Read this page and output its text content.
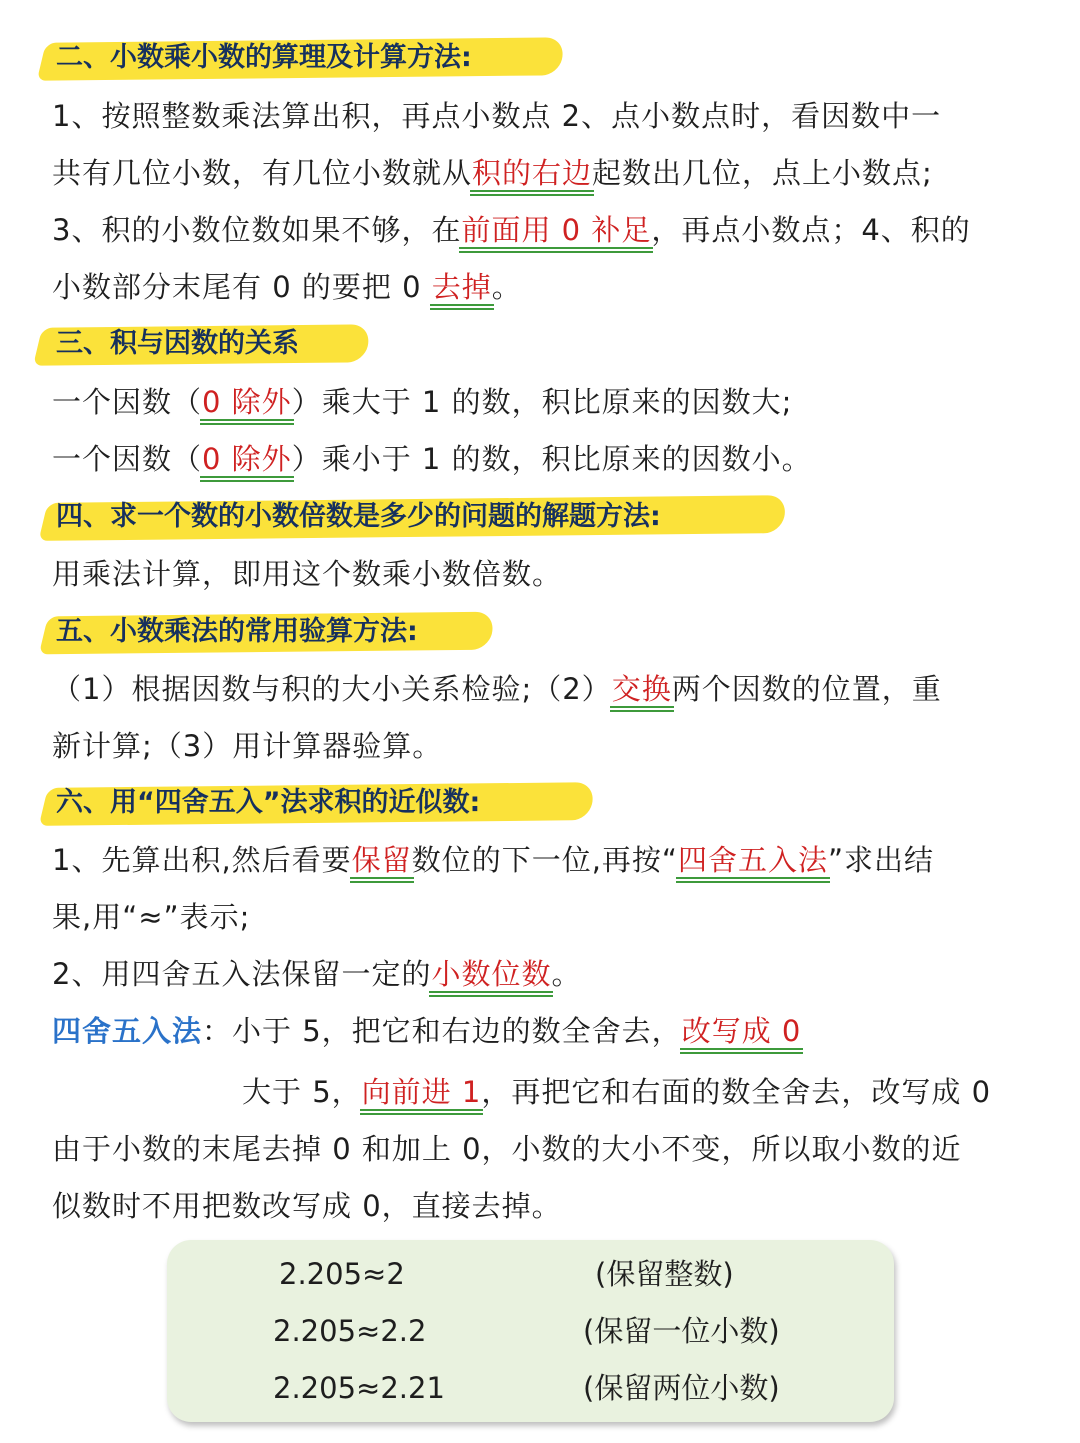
二、小数乘小数的算理及计算方法:
1、按照整数乘法算出积，再点小数点 2、点小数点时，看因数中一
共有几位小数，有几位小数就从积的右边起数出几位，点上小数点;
3、积的小数位数如果不够，在前面用 0 补足，再点小数点；4、积的
小数部分末尾有 0 的要把 0 去掉。
三、积与因数的关系
一个因数（0 除外）乘大于 1 的数，积比原来的因数大;
一个因数（0 除外）乘小于 1 的数，积比原来的因数小。
四、求一个数的小数倍数是多少的问题的解题方法:
用乘法计算，即用这个数乘小数倍数。
五、小数乘法的常用验算方法:
（1）根据因数与积的大小关系检验;（2）交换两个因数的位置，重
新计算;（3）用计算器验算。
六、用“四舍五入”法求积的近似数:
1、先算出积,然后看要保留数位的下一位,再按“四舍五入法”求出结
果,用“≈”表示;
2、用四舍五入法保留一定的小数位数。
四舍五入法：小于 5，把它和右边的数全舍去，改写成 0
大于 5，向前进 1，再把它和右面的数全舍去，改写成 0
由于小数的末尾去掉 0 和加上 0，小数的大小不变，所以取小数的近
似数时不用把数改写成 0，直接去掉。
2.205≈2	(保留整数)
2.205≈2.2	(保留一位小数)
2.205≈2.21	(保留两位小数)
